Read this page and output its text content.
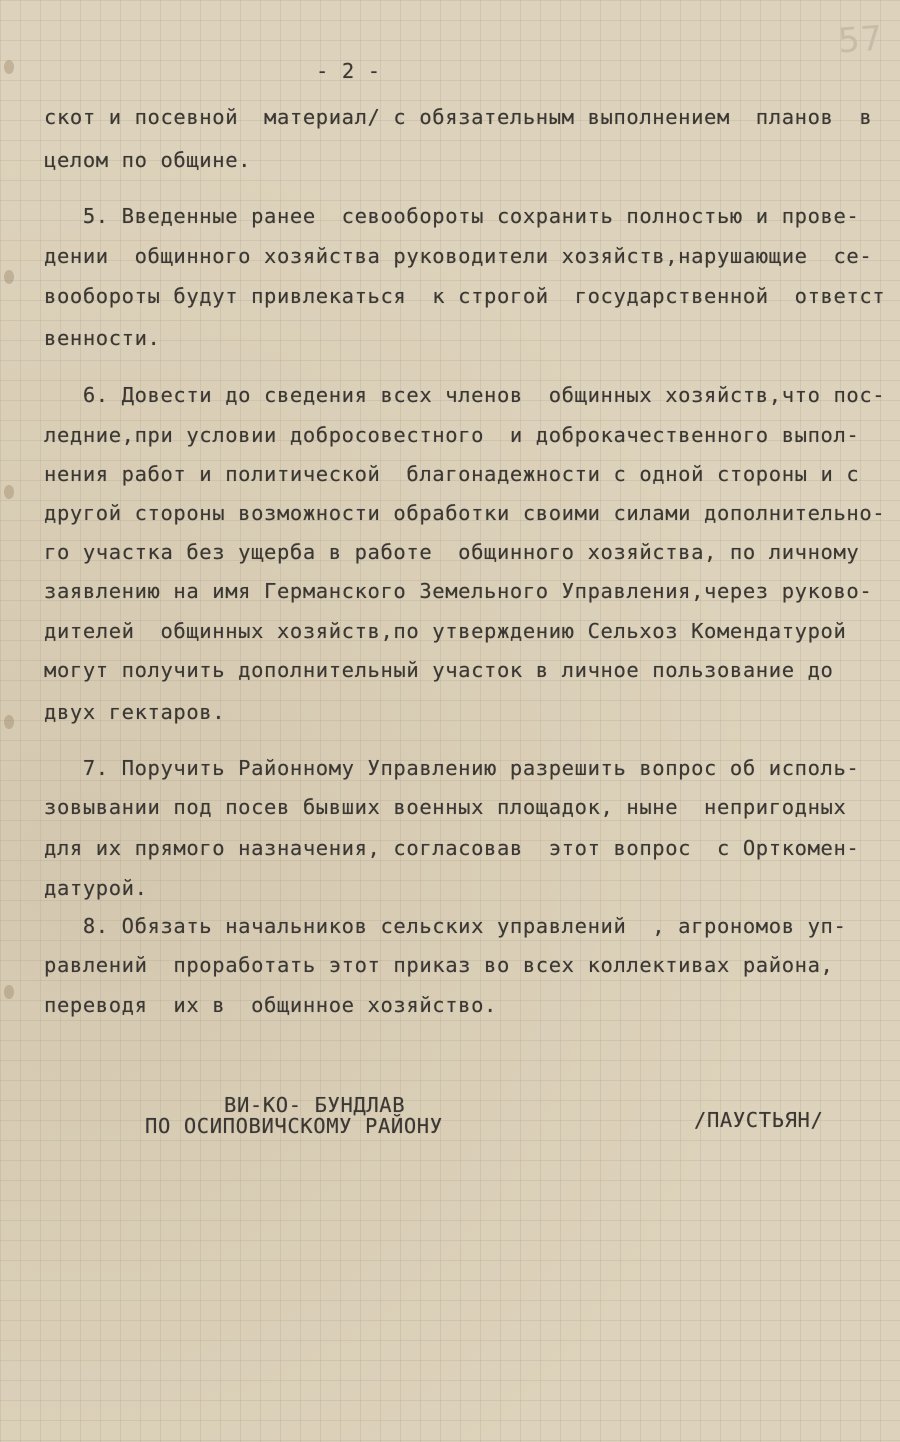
57
- 2 -
скот и посевной  материал/ с обязательным выполнением  планов  в
целом по общине.
5. Введенные ранее  севообороты сохранить полностью и прове-
дении  общинного хозяйства руководители хозяйств,нарушающие  се-
вообороты будут привлекаться  к строгой  государственной  ответст
венности.
6. Довести до сведения всех членов  общинных хозяйств,что пос-
ледние,при условии добросовестного  и доброкачественного выпол-
нения работ и политической  благонадежности с одной стороны и с
другой стороны возможности обработки своими силами дополнительно-
го участка без ущерба в работе  общинного хозяйства, по личному
заявлению на имя Германского Земельного Управления,через руково-
дителей  общинных хозяйств,по утверждению Сельхоз Комендатурой
могут получить дополнительный участок в личное пользование до
двух гектаров.
7. Поручить Районному Управлению разрешить вопрос об исполь-
зовывании под посев бывших военных площадок, ныне  непригодных
для их прямого назначения, согласовав  этот вопрос  с Орткомен-
датурой.
8. Обязать начальников сельских управлений  , агрономов уп-
равлений  проработать этот приказ во всех коллективах района,
переводя  их в  общинное хозяйство.
ВИ-КО- БУНДЛАВ
ПО ОСИПОВИЧСКОМУ РАЙОНУ	/ПАУСТЬЯН/
